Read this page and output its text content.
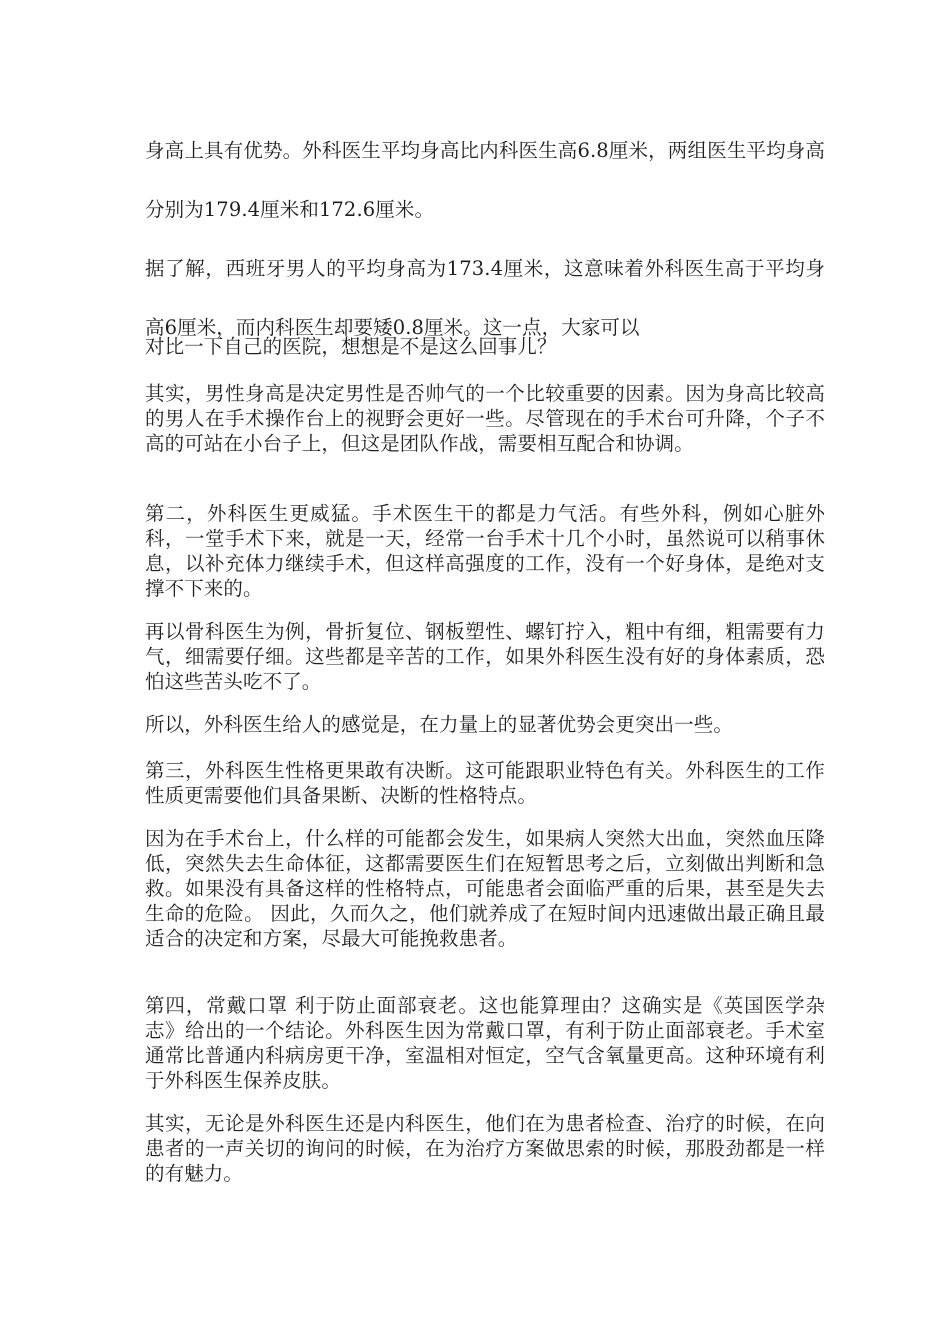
身高上具有优势。外科医生平均身高比内科医生高6.8厘米，两组医生平均身高分别为179.4厘米和172.6厘米。

据了解，西班牙男人的平均身高为173.4厘米，这意味着外科医生高于平均身高6厘米，而内科医生却要矮0.8厘米。这一点，大家可以

对比一下自己的医院，想想是不是这么回事儿？

其实，男性身高是决定男性是否帅气的一个比较重要的因素。因为身高比较高的男人在手术操作台上的视野会更好一些。尽管现在的手术台可升降，个子不高的可站在小台子上，但这是团队作战，需要相互配合和协调。

第二，外科医生更威猛。手术医生干的都是力气活。有些外科，例如心脏外科，一堂手术下来，就是一天，经常一台手术十几个小时，虽然说可以稍事休息，以补充体力继续手术，但这样高强度的工作，没有一个好身体，是绝对支撑不下来的。

再以骨科医生为例，骨折复位、钢板塑性、螺钉拧入，粗中有细，粗需要有力气，细需要仔细。这些都是辛苦的工作，如果外科医生没有好的身体素质，恐怕这些苦头吃不了。

所以，外科医生给人的感觉是，在力量上的显著优势会更突出一些。

第三，外科医生性格更果敢有决断。这可能跟职业特色有关。外科医生的工作性质更需要他们具备果断、决断的性格特点。

因为在手术台上，什么样的可能都会发生，如果病人突然大出血，突然血压降低，突然失去生命体征，这都需要医生们在短暂思考之后，立刻做出判断和急救。如果没有具备这样的性格特点，可能患者会面临严重的后果，甚至是失去生命的危险。 因此，久而久之，他们就养成了在短时间内迅速做出最正确且最适合的决定和方案，尽最大可能挽救患者。

第四，常戴口罩 利于防止面部衰老。这也能算理由？这确实是《英国医学杂志》给出的一个结论。外科医生因为常戴口罩，有利于防止面部衰老。手术室通常比普通内科病房更干净，室温相对恒定，空气含氧量更高。这种环境有利于外科医生保养皮肤。

其实，无论是外科医生还是内科医生，他们在为患者检查、治疗的时候，在向患者的一声关切的询问的时候，在为治疗方案做思索的时候，那股劲都是一样的有魅力。
